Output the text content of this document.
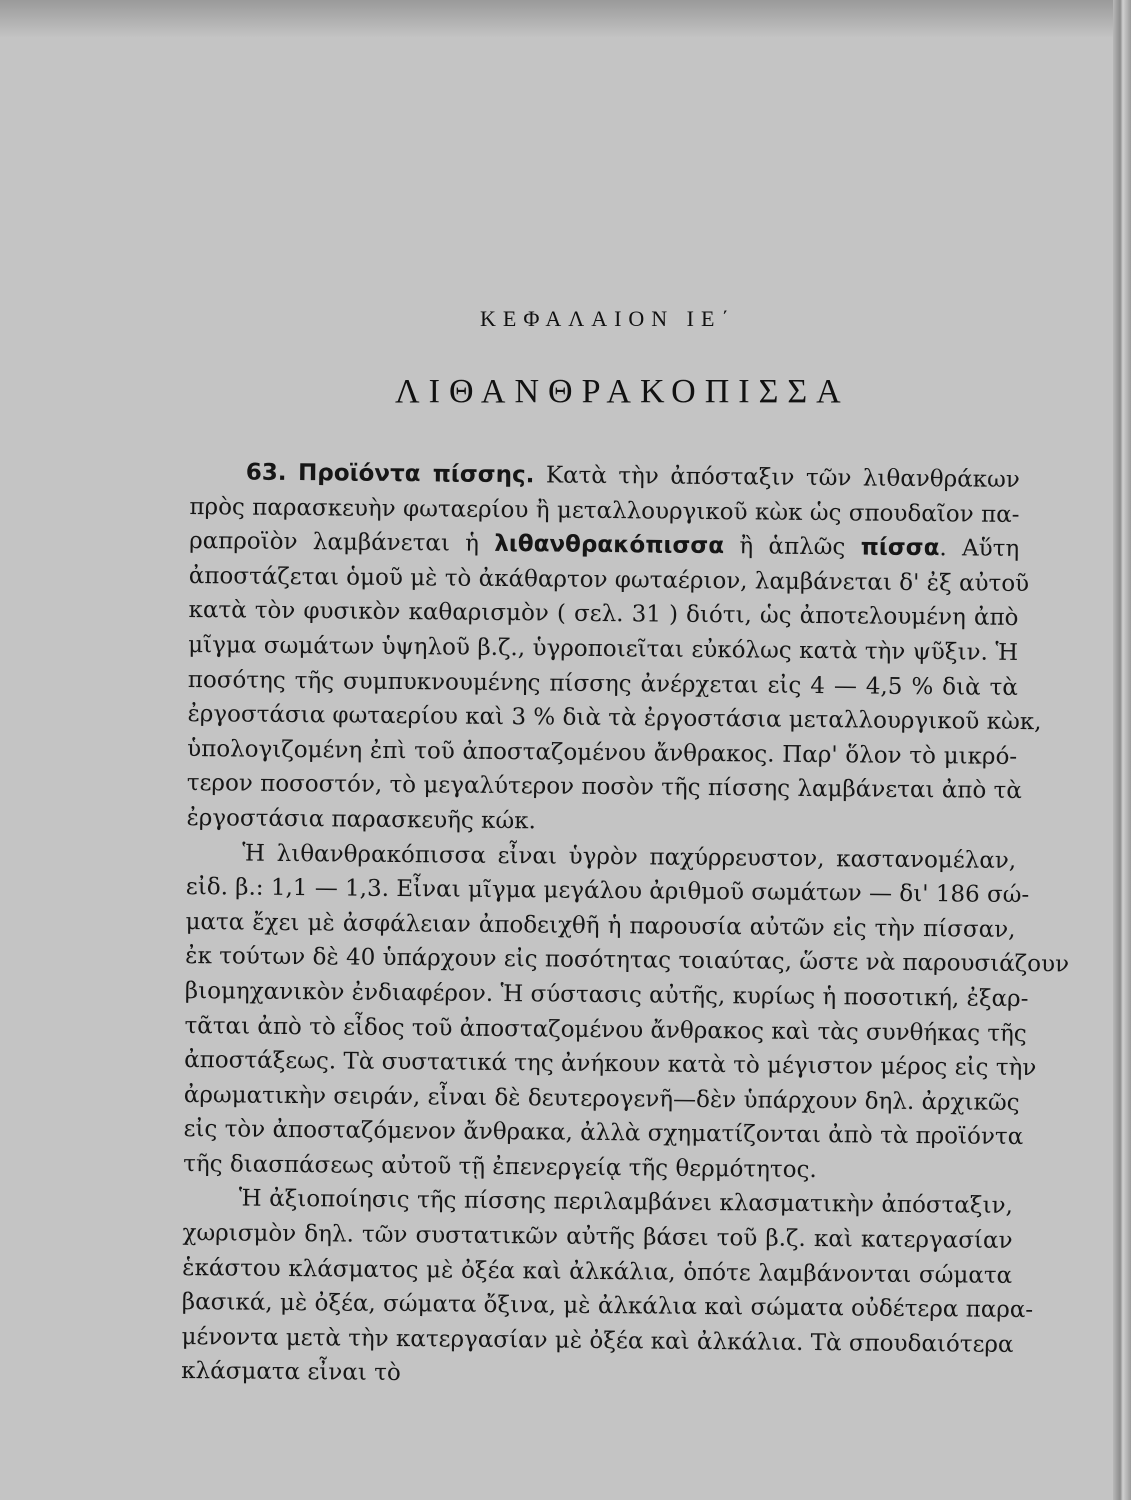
ΚΕΦΑΛΑΙΟΝ ΙΕ΄
ΛΙΘΑΝΘΡΑΚΟΠΙΣΣΑ
63. Προϊόντα πίσσης. Κατὰ τὴν ἀπόσταξιν τῶν λιθανθράκων
πρὸς παρασκευὴν φωταερίου ἢ μεταλλουργικοῦ κὼκ ὡς σπουδαῖον πα-
ραπροϊὸν λαμβάνεται ἡ λιθανθρακόπισσα ἢ ἁπλῶς πίσσα. Αὕτη
ἀποστάζεται ὁμοῦ μὲ τὸ ἀκάθαρτον φωταέριον, λαμβάνεται δ' ἐξ αὐτοῦ
κατὰ τὸν φυσικὸν καθαρισμὸν ( σελ. 31 ) διότι, ὡς ἀποτελουμένη ἀπὸ
μῖγμα σωμάτων ὑψηλοῦ β.ζ., ὑγροποιεῖται εὐκόλως κατὰ τὴν ψῦξιν. Ἡ
ποσότης τῆς συμπυκνουμένης πίσσης ἀνέρχεται εἰς 4 — 4,5 % διὰ τὰ
ἐργοστάσια φωταερίου καὶ 3 % διὰ τὰ ἐργοστάσια μεταλλουργικοῦ κὼκ,
ὑπολογιζομένη ἐπὶ τοῦ ἀποσταζομένου ἄνθρακος. Παρ' ὅλον τὸ μικρό-
τερον ποσοστόν, τὸ μεγαλύτερον ποσὸν τῆς πίσσης λαμβάνεται ἀπὸ τὰ
ἐργοστάσια παρασκευῆς κώκ.
Ἡ λιθανθρακόπισσα εἶναι ὑγρὸν παχύρρευστον, καστανομέλαν,
εἰδ. β.: 1,1 — 1,3. Εἶναι μῖγμα μεγάλου ἀριθμοῦ σωμάτων — δι' 186 σώ-
ματα ἔχει μὲ ἀσφάλειαν ἀποδειχθῆ ἡ παρουσία αὐτῶν εἰς τὴν πίσσαν,
ἐκ τούτων δὲ 40 ὑπάρχουν εἰς ποσότητας τοιαύτας, ὥστε νὰ παρουσιάζουν
βιομηχανικὸν ἐνδιαφέρον. Ἡ σύστασις αὐτῆς, κυρίως ἡ ποσοτική, ἐξαρ-
τᾶται ἀπὸ τὸ εἶδος τοῦ ἀποσταζομένου ἄνθρακος καὶ τὰς συνθήκας τῆς
ἀποστάξεως. Τὰ συστατικά της ἀνήκουν κατὰ τὸ μέγιστον μέρος εἰς τὴν
ἀρωματικὴν σειράν, εἶναι δὲ δευτερογενῆ—δὲν ὑπάρχουν δηλ. ἀρχικῶς
εἰς τὸν ἀποσταζόμενον ἄνθρακα, ἀλλὰ σχηματίζονται ἀπὸ τὰ προϊόντα
τῆς διασπάσεως αὐτοῦ τῇ ἐπενεργείᾳ τῆς θερμότητος.
Ἡ ἀξιοποίησις τῆς πίσσης περιλαμβάνει κλασματικὴν ἀπόσταξιν,
χωρισμὸν δηλ. τῶν συστατικῶν αὐτῆς βάσει τοῦ β.ζ. καὶ κατεργασίαν
ἑκάστου κλάσματος μὲ ὀξέα καὶ ἀλκάλια, ὁπότε λαμβάνονται σώματα
βασικά, μὲ ὀξέα, σώματα ὄξινα, μὲ ἀλκάλια καὶ σώματα οὐδέτερα παρα-
μένοντα μετὰ τὴν κατεργασίαν μὲ ὀξέα καὶ ἀλκάλια. Τὰ σπουδαιότερα
κλάσματα εἶναι τὸ
